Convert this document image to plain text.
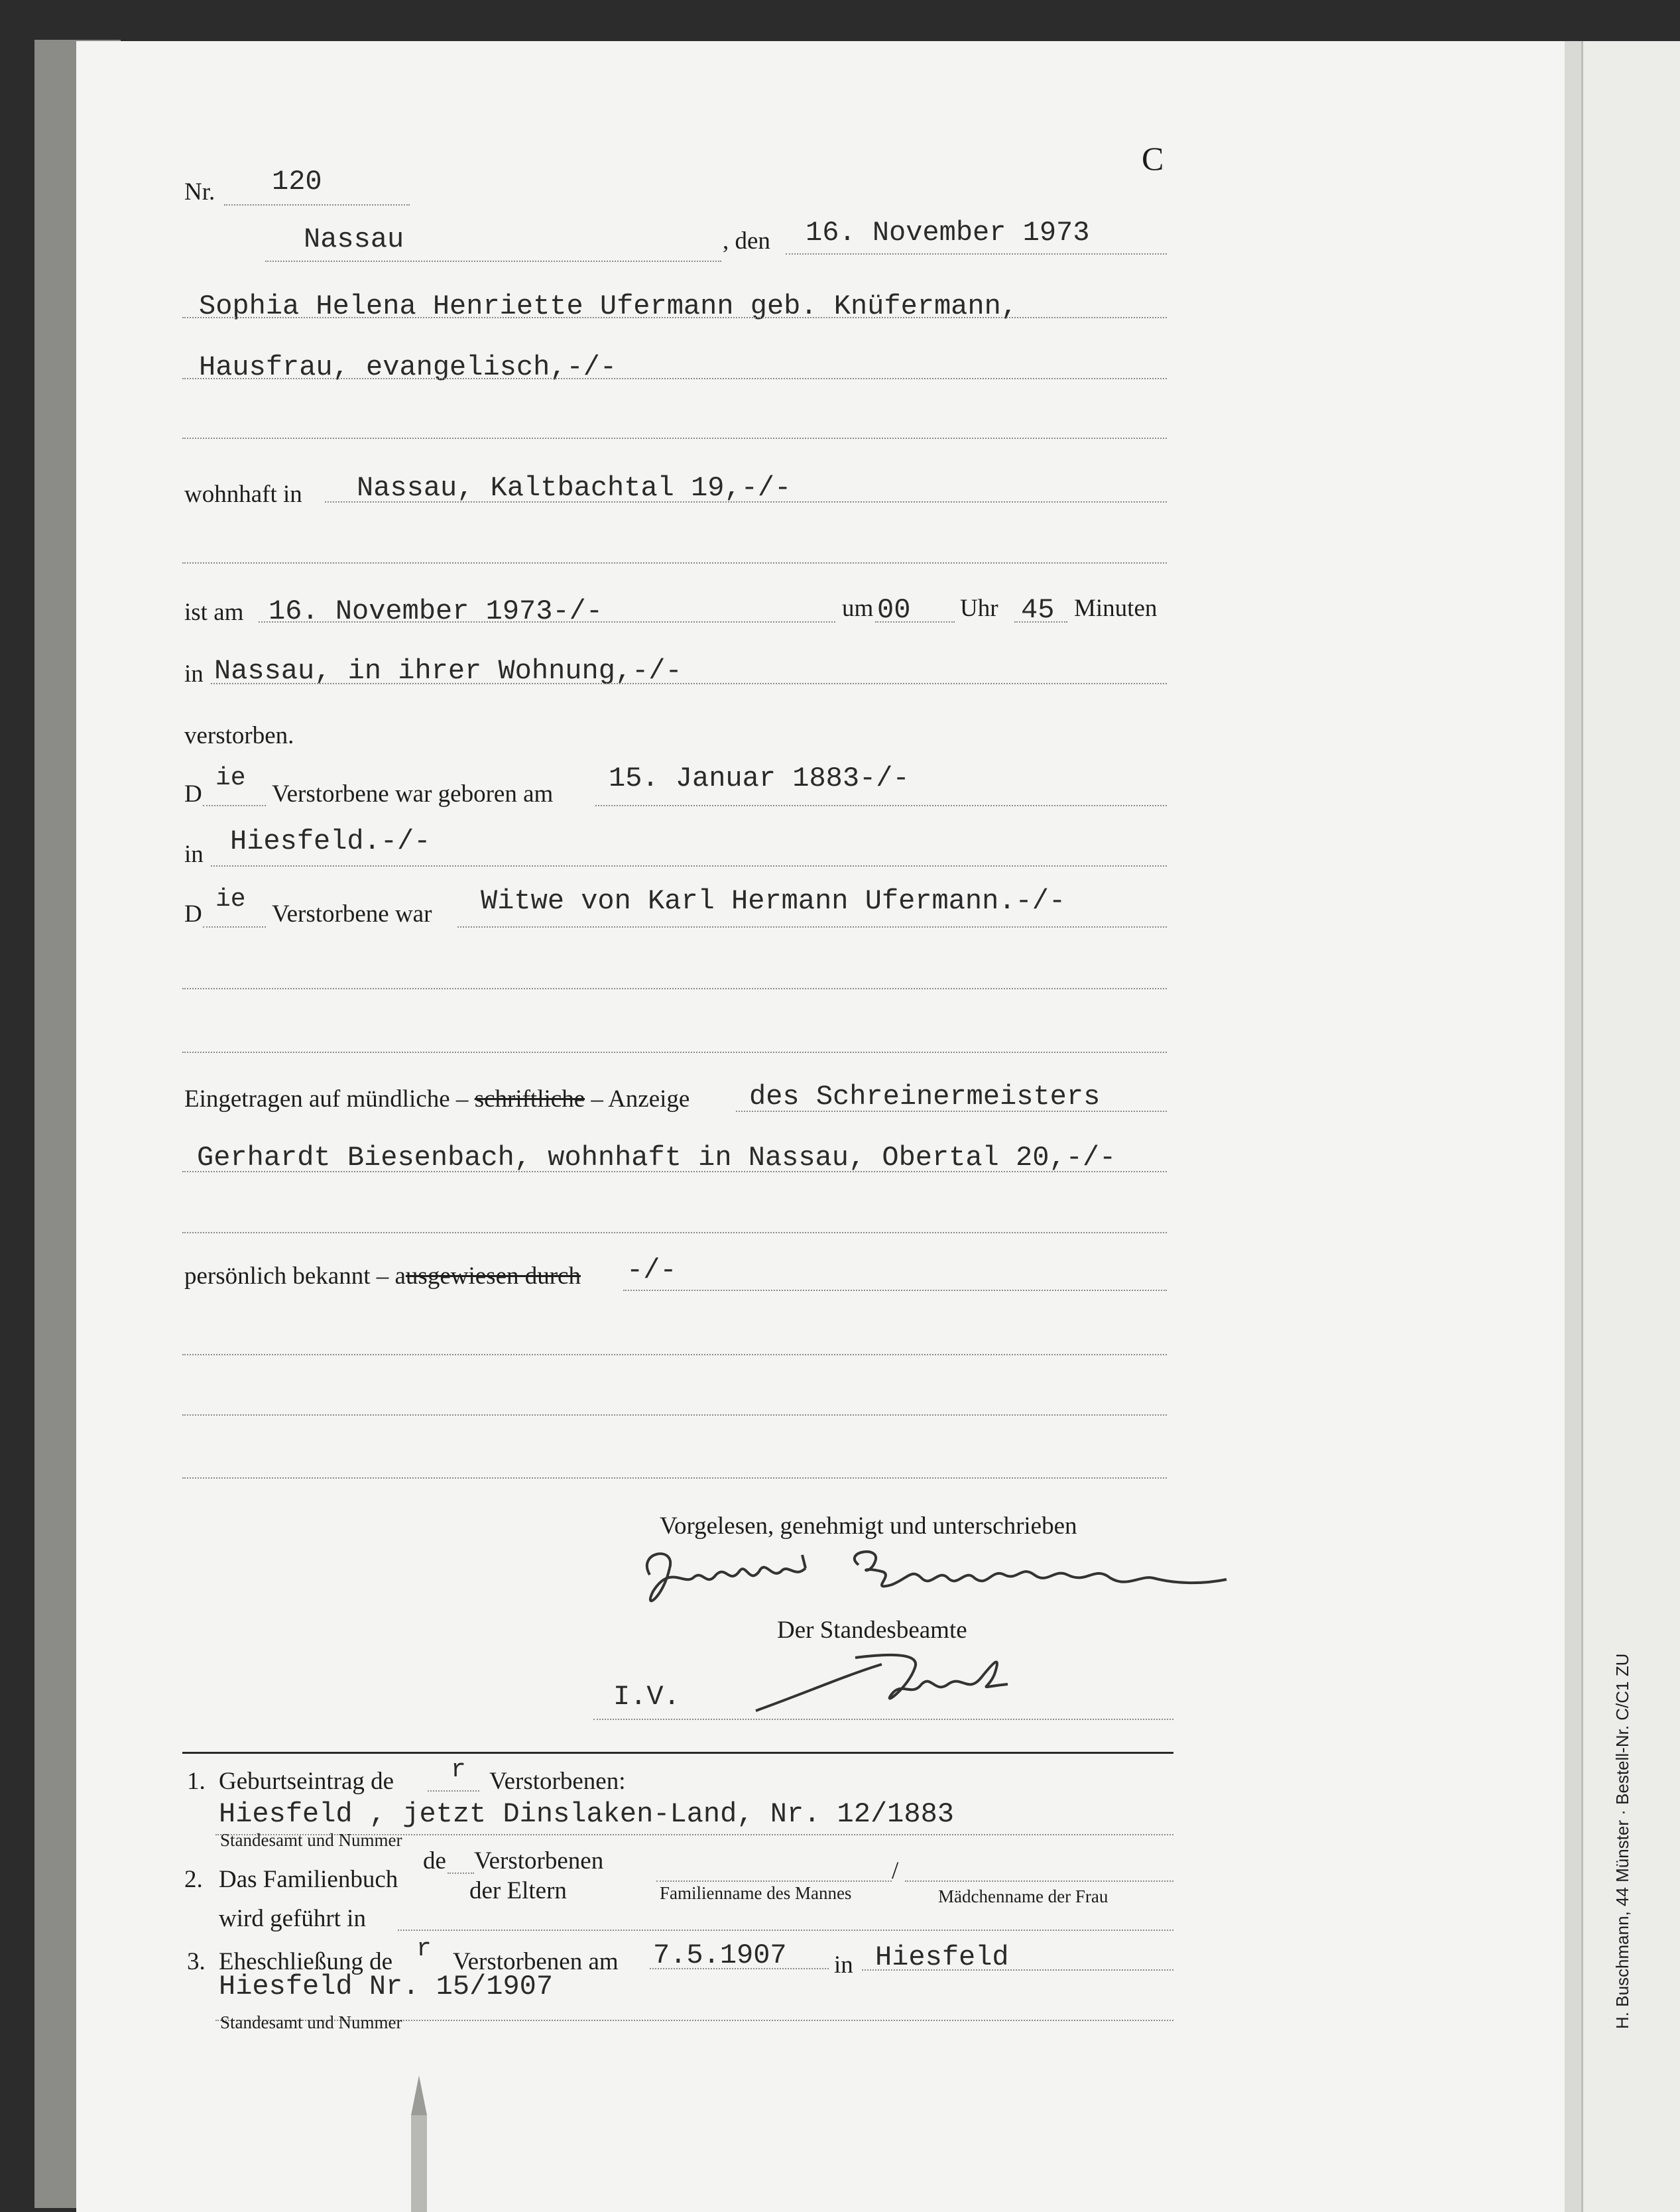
C
Nr. 120
Nassau	, den 16. November 1973
Sophia Helena Henriette Ufermann geb. Knüfermann,
Hausfrau, evangelisch,-/-
wohnhaft in Nassau, Kaltbachtal 19,-/-
ist am 16. November 1973-/-	um 00 Uhr 45 Minuten
in Nassau, in ihrer Wohnung,-/-
verstorben.
D
ie
Verstorbene war geboren am 15. Januar 1883-/-
in Hiesfeld.-/-
D
ie
Verstorbene war Witwe von Karl Hermann Ufermann.-/-
Eingetragen auf mündliche – schriftliche – Anzeige des Schreinermeisters
Gerhardt Biesenbach, wohnhaft in Nassau, Obertal 20,-/-
persönlich bekannt – ausgewiesen durch -/-
Vorgelesen, genehmigt und unterschrieben
Der Standesbeamte
I.V.
1. Geburtseintrag de r Verstorbenen:
Hiesfeld , jetzt Dinslaken-Land, Nr. 12/1883
Standesamt und Nummer
2. Das Familienbuch
de Verstorbenen	/
der Eltern	Familienname des Mannes	Mädchenname der Frau
wird geführt in
3. Eheschließung de r Verstorbenen am 7.5.1907 in Hiesfeld
Hiesfeld Nr. 15/1907
Standesamt und Nummer	H. Buschmann, 44 Münster · Bestell-Nr. C/C1 ZU
